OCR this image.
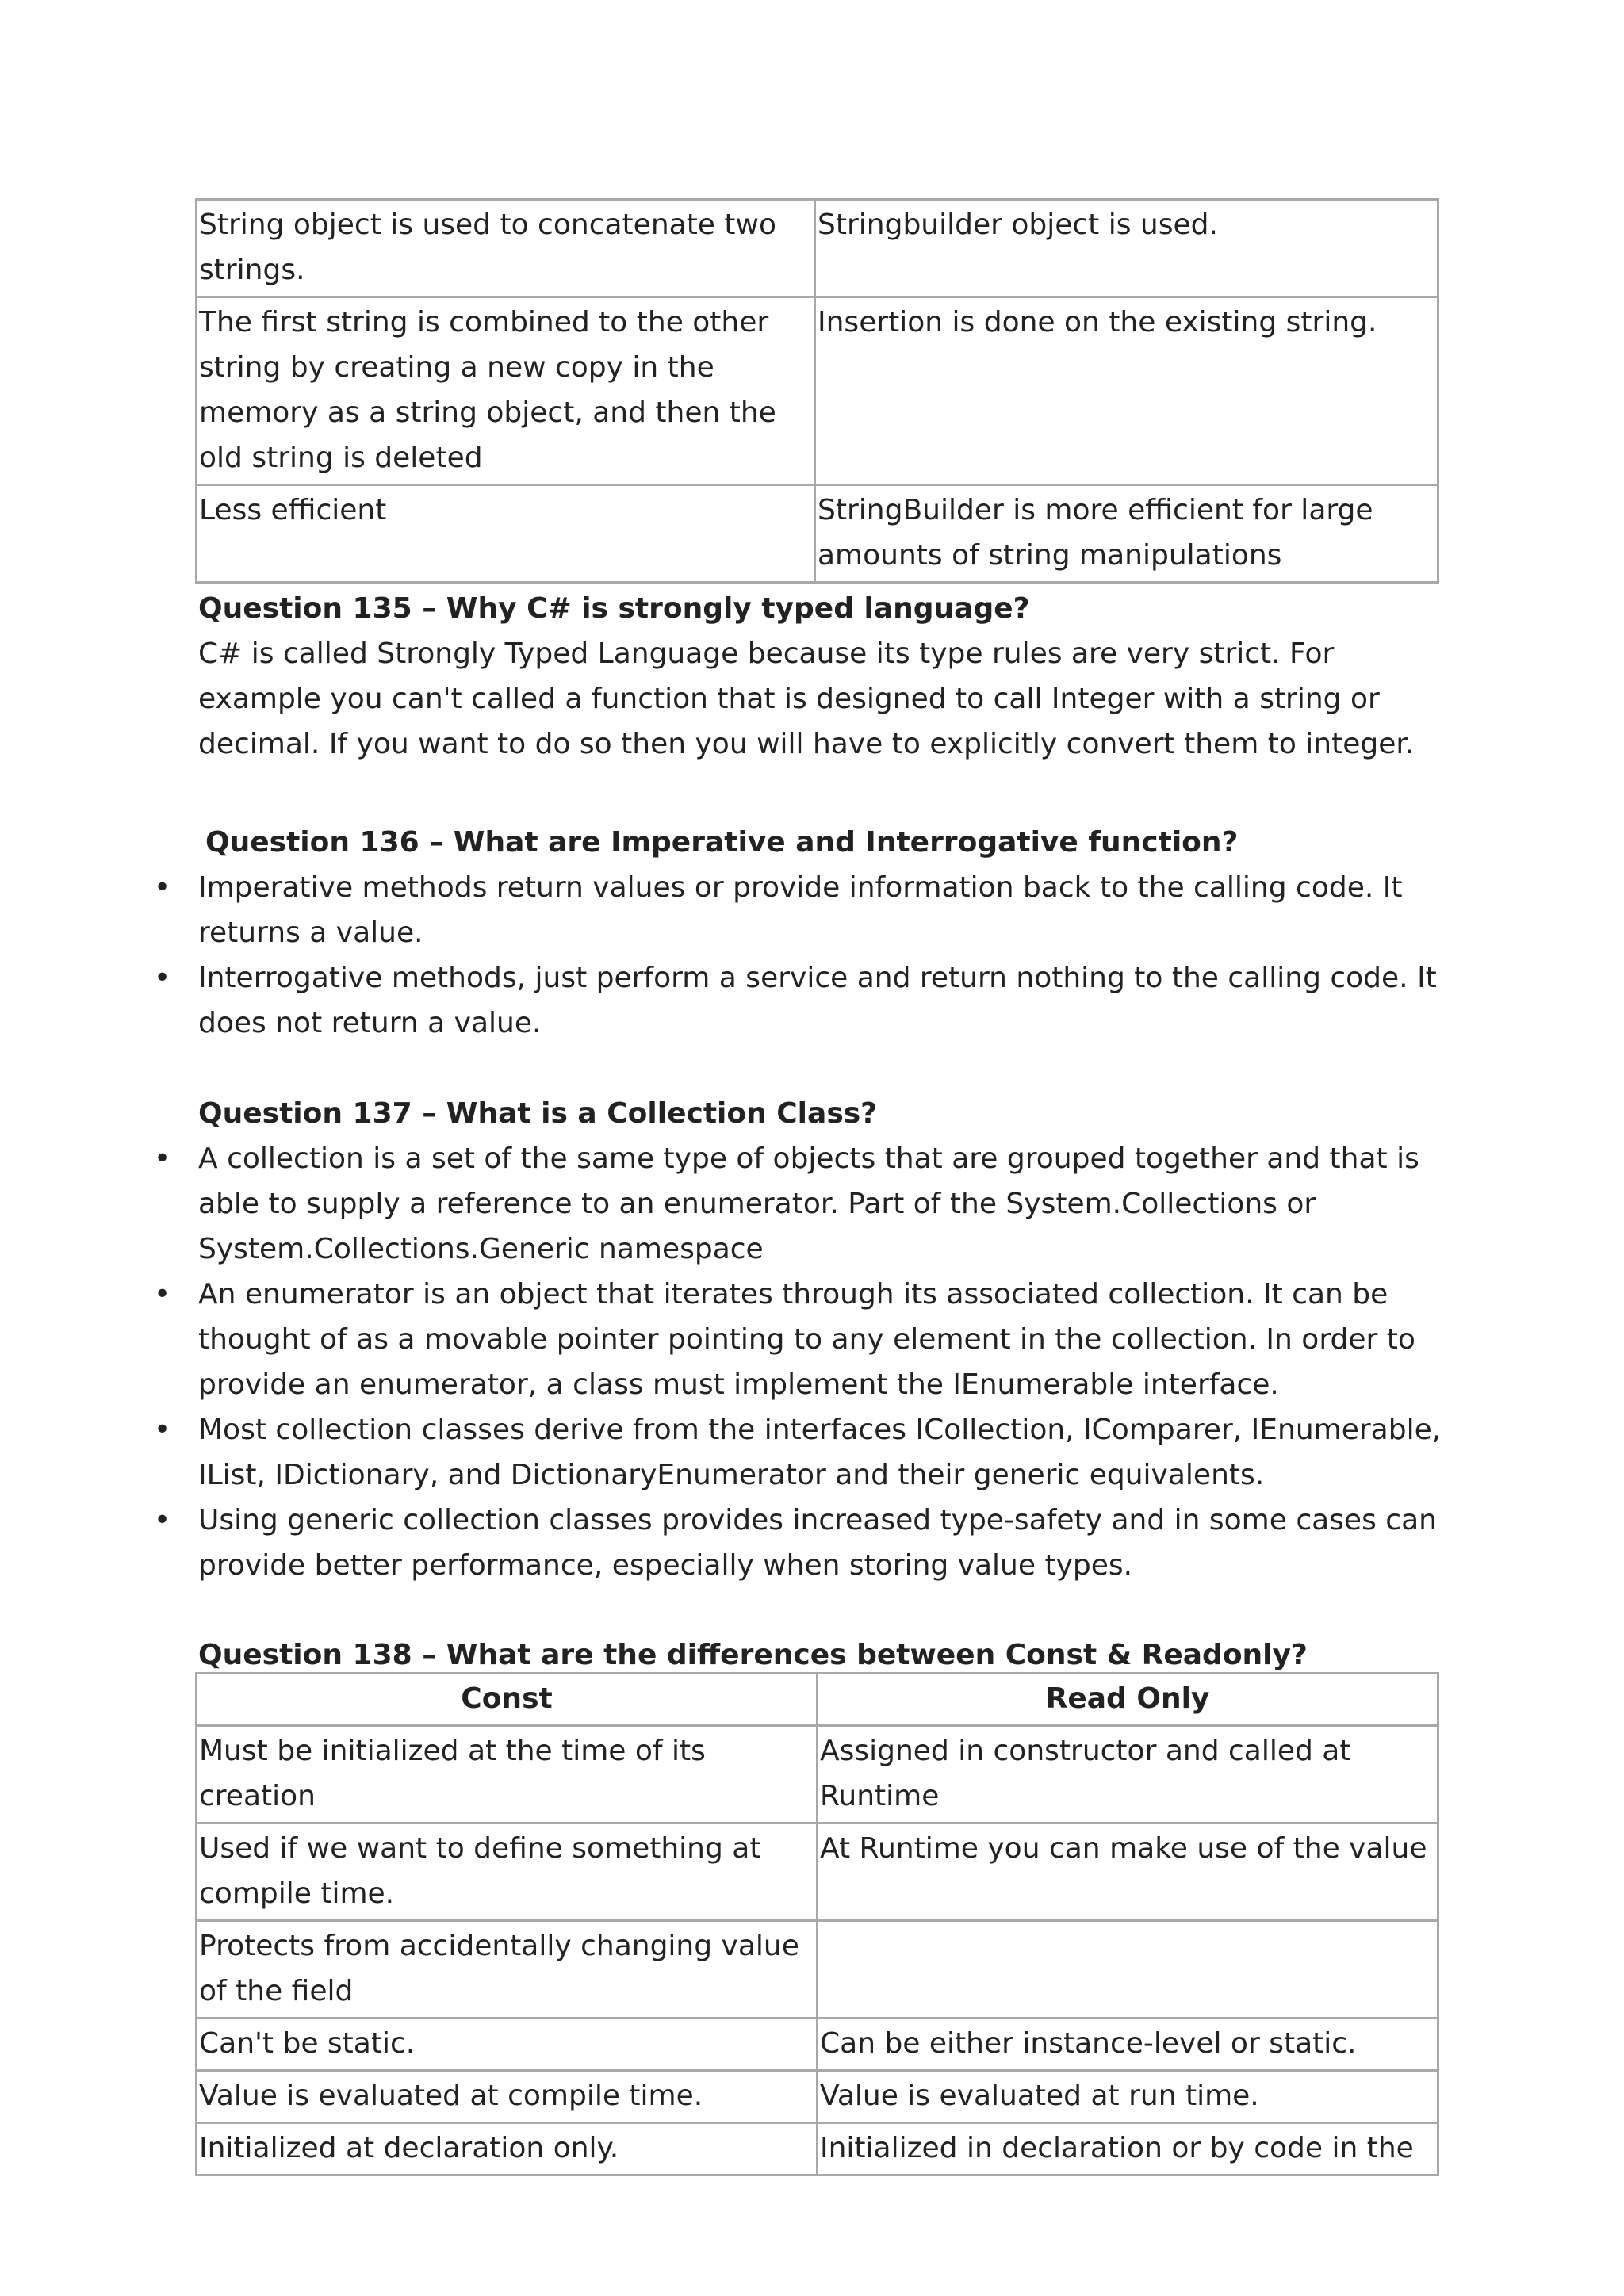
String object is used to concatenate two strings.	Stringbuilder object is used.
The first string is combined to the other string by creating a new copy in the memory as a string object, and then the old string is deleted	Insertion is done on the existing string.
Less efficient	StringBuilder is more efficient for large amounts of string manipulations

Question 135 – Why C# is strongly typed language?

C# is called Strongly Typed Language because its type rules are very strict. For example you can't called a function that is designed to call Integer with a string or decimal. If you want to do so then you will have to explicitly convert them to integer.

Question 136 – What are Imperative and Interrogative function?

• Imperative methods return values or provide information back to the calling code. It returns a value.
• Interrogative methods, just perform a service and return nothing to the calling code. It does not return a value.

Question 137 – What is a Collection Class?

• A collection is a set of the same type of objects that are grouped together and that is able to supply a reference to an enumerator. Part of the System.Collections or System.Collections.Generic namespace
• An enumerator is an object that iterates through its associated collection. It can be thought of as a movable pointer pointing to any element in the collection. In order to provide an enumerator, a class must implement the IEnumerable interface.
• Most collection classes derive from the interfaces ICollection, IComparer, IEnumerable, IList, IDictionary, and DictionaryEnumerator and their generic equivalents.
• Using generic collection classes provides increased type-safety and in some cases can provide better performance, especially when storing value types.

Question 138 – What are the differences between Const & Readonly?

Const	Read Only
Must be initialized at the time of its creation	Assigned in constructor and called at Runtime
Used if we want to define something at compile time.	At Runtime you can make use of the value
Protects from accidentally changing value of the field	
Can't be static.	Can be either instance-level or static.
Value is evaluated at compile time.	Value is evaluated at run time.
Initialized at declaration only.	Initialized in declaration or by code in the
